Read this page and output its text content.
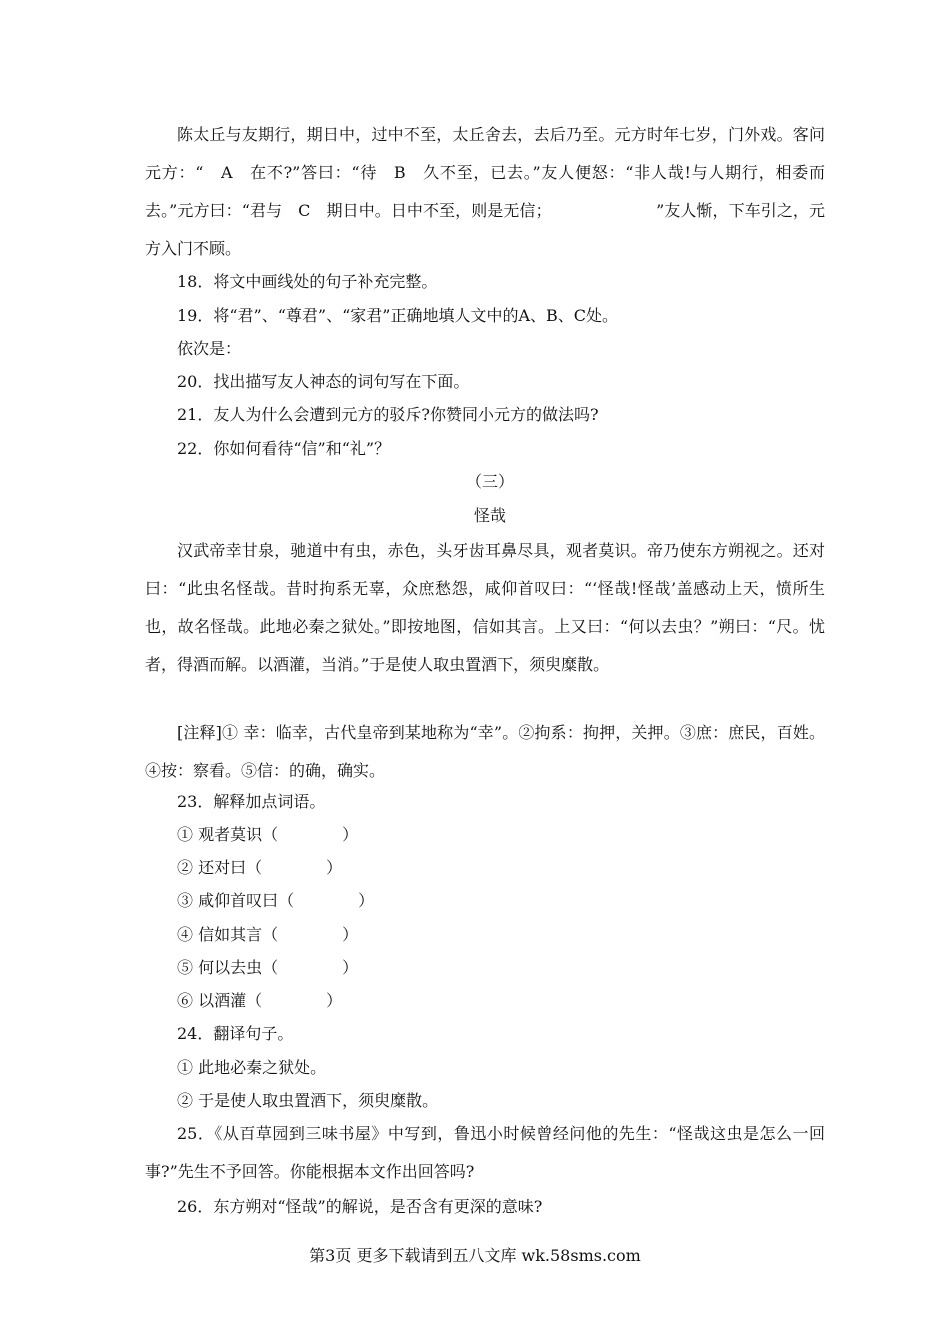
陈太丘与友期行，期日中，过中不至，太丘舍去，去后乃至。元方时年七岁，门外戏。客问元方：“　A　在不?”答曰：“待　B　久不至，已去。”友人便怒：“非人哉!与人期行，相委而去。”元方曰：“君与　C　期日中。日中不至，则是无信；　　　　　　　”友人惭，下车引之，元方入门不顾。

18．将文中画线处的句子补充完整。
19．将“君”、“尊君”、“家君”正确地填人文中的A、B、C处。
依次是：
20．找出描写友人神态的词句写在下面。
21．友人为什么会遭到元方的驳斥?你赞同小元方的做法吗?
22．你如何看待“信”和“礼”？
（三）
怪哉

汉武帝幸甘泉，驰道中有虫，赤色，头牙齿耳鼻尽具，观者莫识。帝乃使东方朔视之。还对曰：“此虫名怪哉。昔时拘系无辜，众庶愁怨，咸仰首叹曰：“‘怪哉!怪哉’盖感动上天，愤所生也，故名怪哉。此地必秦之狱处。”即按地图，信如其言。上又曰：“何以去虫？”朔曰：“尺。忧者，得酒而解。以酒灌，当消。”于是使人取虫置酒下，须臾糜散。

[注释]① 幸：临幸，古代皇帝到某地称为“幸”。②拘系：拘押，关押。③庶：庶民，百姓。④按：察看。⑤信：的确，确实。

23．解释加点词语。
① 观者莫识（　　　　）
② 还对曰（　　　　）
③ 咸仰首叹曰（　　　　）
④ 信如其言（　　　　）
⑤ 何以去虫（　　　　）
⑥ 以酒灌（　　　　）
24．翻译句子。
① 此地必秦之狱处。
② 于是使人取虫置酒下，须臾糜散。

25．《从百草园到三味书屋》中写到，鲁迅小时候曾经问他的先生：“怪哉这虫是怎么一回事?”先生不予回答。你能根据本文作出回答吗?

26．东方朔对“怪哉”的解说，是否含有更深的意味?
第3页 更多下载请到五八文库 wk.58sms.com
